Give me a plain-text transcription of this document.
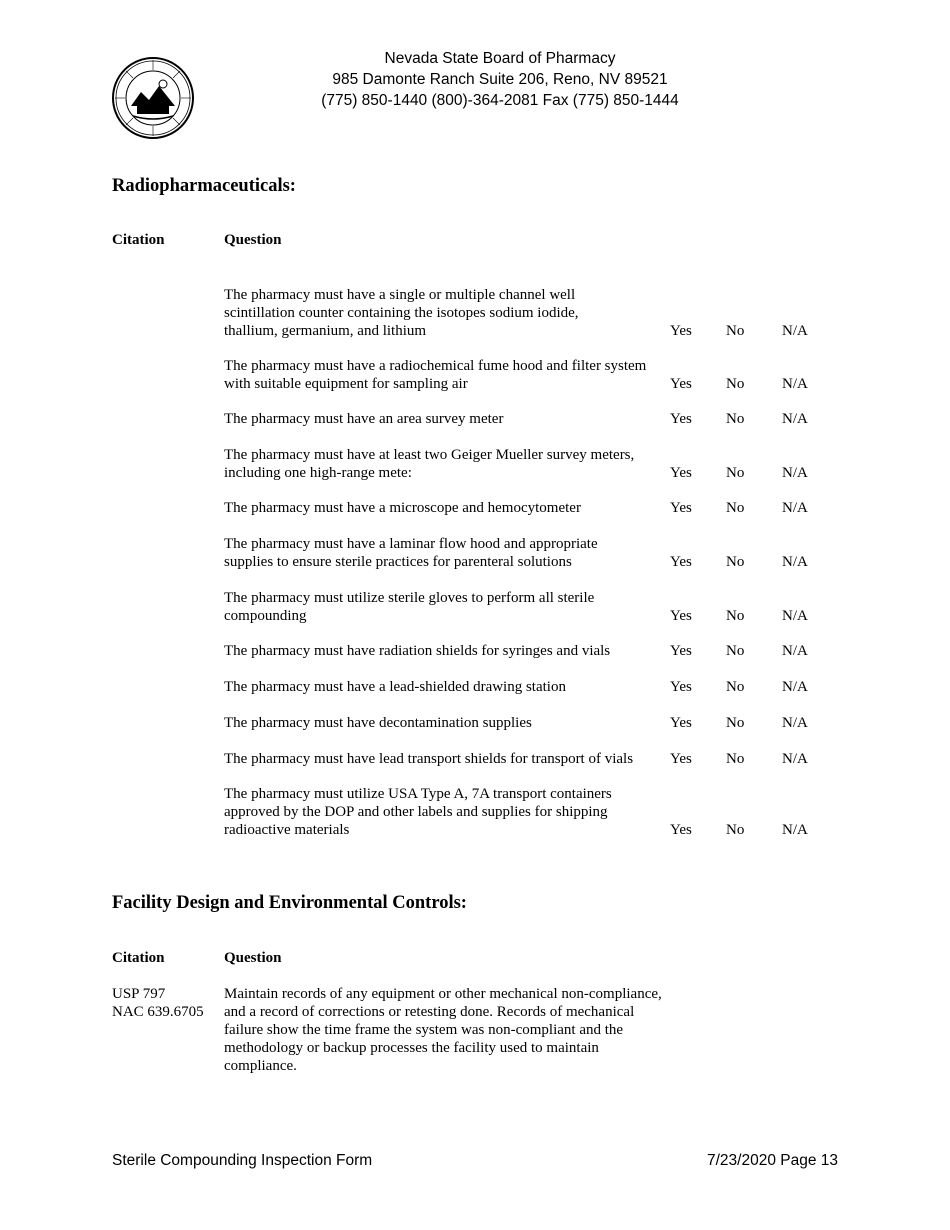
Nevada State Board of Pharmacy
985 Damonte Ranch Suite 206, Reno, NV 89521
(775) 850-1440 (800)-364-2081 Fax (775) 850-1444
Radiopharmaceuticals:
Citation	Question
The pharmacy must have a single or multiple channel well
scintillation counter containing the isotopes sodium iodide,
thallium, germanium, and lithium	Yes No	N/A
The pharmacy must have a radiochemical fume hood and filter system
with suitable equipment for sampling air	Yes No	N/A
The pharmacy must have an area survey meter	Yes No	N/A
The pharmacy must have at least two Geiger Mueller survey meters,
including one high-range mete:	Yes No	N/A
The pharmacy must have a microscope and hemocytometer	Yes No	N/A
The pharmacy must have a laminar flow hood and appropriate
supplies to ensure sterile practices for parenteral solutions	Yes No	N/A
The pharmacy must utilize sterile gloves to perform all sterile
compounding	Yes No	N/A
The pharmacy must have radiation shields for syringes and vials	Yes No	N/A
The pharmacy must have a lead-shielded drawing station	Yes No	N/A
The pharmacy must have decontamination supplies	Yes No	N/A
The pharmacy must have lead transport shields for transport of vials	Yes No	N/A
The pharmacy must utilize USA Type A, 7A transport containers
approved by the DOP and other labels and supplies for shipping
radioactive materials	Yes No	N/A
Facility Design and Environmental Controls:
Citation	Question
USP 797
NAC 639.6705
Maintain records of any equipment or other mechanical non-compliance,
and a record of corrections or retesting done. Records of mechanical
failure show the time frame the system was non-compliant and the
methodology or backup processes the facility used to maintain
compliance.
Sterile Compounding Inspection Form	7/23/2020 Page 13
